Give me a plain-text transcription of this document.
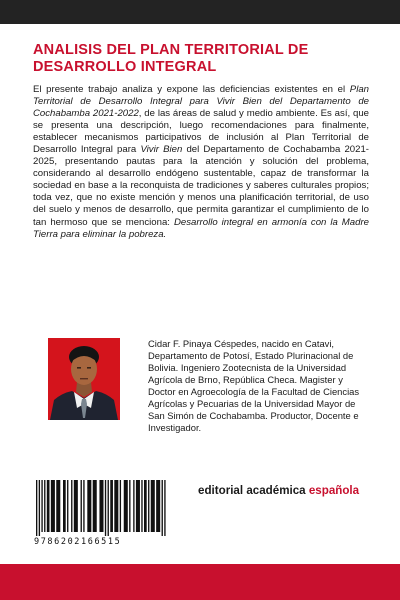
ANALISIS DEL PLAN TERRITORIAL DE DESARROLLO INTEGRAL

El presente trabajo analiza y expone las deficiencias existentes en el Plan Territorial de Desarrollo Integral para Vivir Bien del Departamento de Cochabamba 2021-2022, de las áreas de salud y medio ambiente. Es así, que se presenta una descripción, luego recomendaciones para finalmente, establecer mecanismos participativos de inclusión al Plan Territorial de Desarrollo Integral para Vivir Bien del Departamento de Cochabamba 2021- 2025, presentando pautas para la atención y solución del problema, considerando al desarrollo endógeno sustentable, capaz de transformar la sociedad en base a la reconquista de tradiciones y saberes culturales propios; toda vez, que no existe mención y menos una planificación territorial, de uso del suelo y menos de desarrollo, que permita garantizar el cumplimiento de lo tan hermoso que se menciona: Desarrollo integral en armonía con la Madre Tierra para eliminar la pobreza.

Cidar F. Pinaya Céspedes, nacido en Catavi, Departamento de Potosí, Estado Plurinacional de Bolivia. Ingeniero Zootecnista de la Universidad Agrícola de Brno, República Checa. Magister y Doctor en Agroecología de la Facultad de Ciencias Agrícolas y Pecuarias de la Universidad Mayor de San Simón de Cochabamba. Productor, Docente e Investigador.

9786202166515
editorial académica española
